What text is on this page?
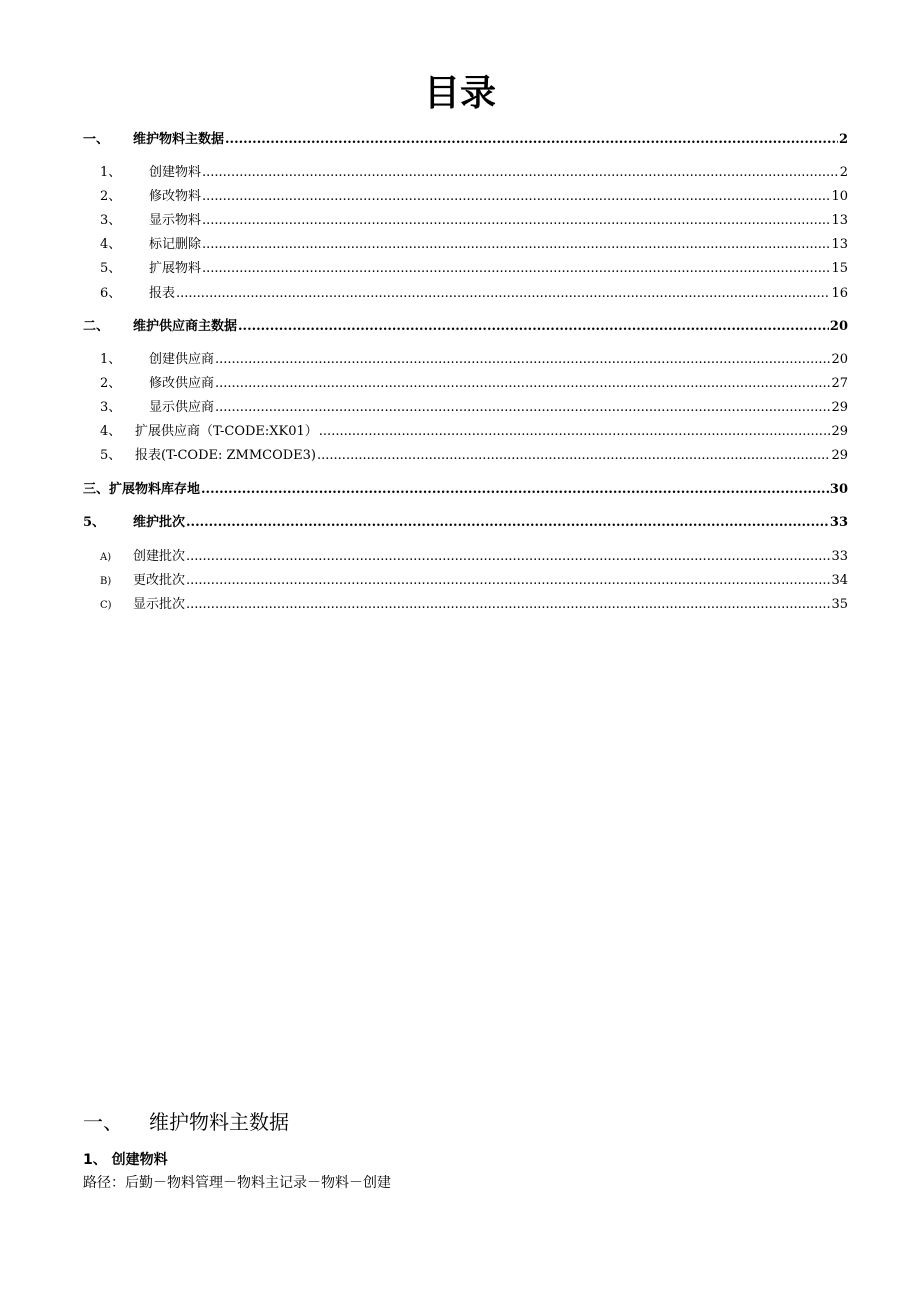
目录
一、	维护物料主数据 .....	2
1、	创建物料 .....	2
2、	修改物料 .....	10
3、	显示物料 .....	13
4、	标记删除 .....	13
5、	扩展物料 .....	15
6、	报表 .....	16
二、	维护供应商主数据 .....	20
1、	创建供应商 .....	20
2、	修改供应商 .....	27
3、	显示供应商 .....	29
4、	扩展供应商（T-CODE:XK01） .....	29
5、	报表(T-CODE: ZMMCODE3) .....	29
三、扩展物料库存地 .....	30
5、	维护批次 .....	33
A)	创建批次 .....	33
B)	更改批次 .....	34
C)	显示批次 .....	35
一、	维护物料主数据
1、 创建物料
路径：后勤－物料管理－物料主记录－物料－创建
